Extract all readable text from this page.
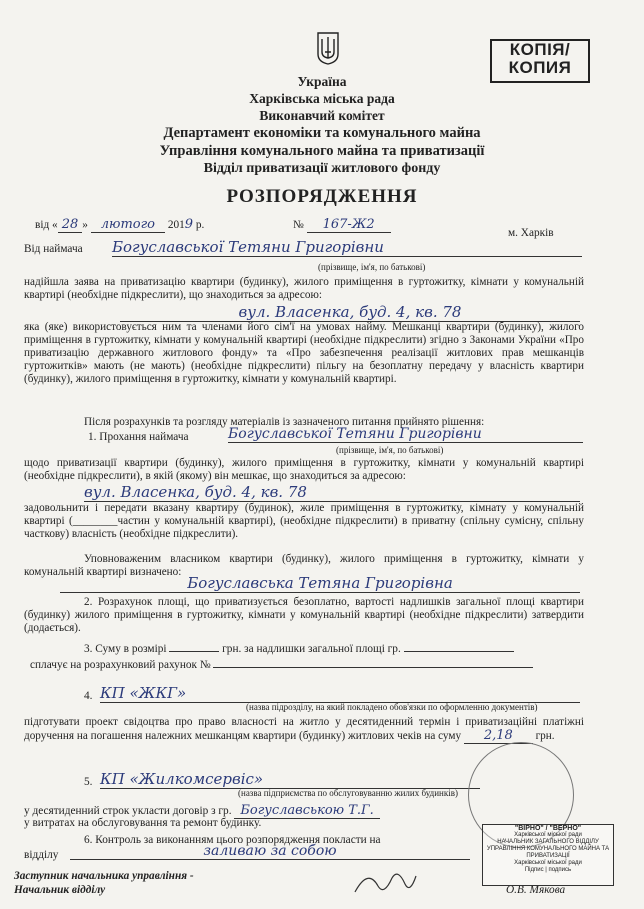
КОПІЯ/
КОПИЯ
Україна
Харківська міська рада
Виконавчий комітет
Департамент економіки та комунального майна
Управління комунального майна та приватизації
Відділ приватизації житлового фонду
РОЗПОРЯДЖЕННЯ
від « 28 » лютого 2019 р.	№ 167-Ж2
м. Харків
Від наймача Богуславської Тетяни Григорівни
(прізвище, ім'я, по батькові)
надійшла заява на приватизацію квартири (будинку), жилого приміщення в гуртожитку, кімнати у комунальній квартирі (необхідне підкреслити), що знаходиться за адресою:
вул. Власенка, буд. 4, кв. 78
яка (яке) використовується ним та членами його сім'ї на умовах найму. Мешканці квартири (будинку), жилого приміщення в гуртожитку, кімнати у комунальній квартирі (необхідне підкреслити) згідно з Законами України «Про приватизацію державного житлового фонду» та «Про забезпечення реалізації житлових прав мешканців гуртожитків» мають (не мають) (необхідне підкреслити) пільгу на безоплатну передачу у власність квартири (будинку), жилого приміщення в гуртожитку, кімнати у комунальній квартирі.
Після розрахунків та розгляду матеріалів із зазначеного питання прийнято рішення:
1. Прохання наймача	Богуславської Тетяни Григорівни
(прізвище, ім'я, по батькові)
щодо приватизації квартири (будинку), жилого приміщення в гуртожитку, кімнати у комунальній квартирі (необхідне підкреслити), в якій (якому) він мешкає, що знаходиться за адресою:
вул. Власенка, буд. 4, кв. 78
задовольнити і передати вказану квартиру (будинок), жиле приміщення в гуртожитку, кімнату у комунальній квартирі (________частин у комунальній квартирі), (необхідне підкреслити) в приватну (спільну сумісну, спільну часткову) власність (необхідне підкреслити).
Уповноваженим власником квартири (будинку), жилого приміщення в гуртожитку, кімнати у комунальній квартирі визначено:
Богуславська Тетяна Григорівна
2. Розрахунок площі, що приватизується безоплатно, вартості надлишків загальної площі квартири (будинку) жилого приміщення в гуртожитку, кімнати у комунальній квартирі (необхідне підкреслити) затвердити (додається).
3. Суму в розмірі	грн. за надлишки загальної площі гр.
сплачує на розрахунковий рахунок №
4. КП «ЖКГ»
(назва підрозділу, на який покладено обов'язки по оформленню документів)
підготувати проект свідоцтва про право власності на житло у десятиденний термін і приватизаційні платіжні доручення на погашення належних мешканцям квартири (будинку) житлових чеків на суму 2,18 грн.
5. КП «Жилкомсервіс»
(назва підприємства по обслуговуванню жилих будинків)
у десятиденний строк укласти договір з гр. Богуславською Т.Г.
у витратах на обслуговування та ремонт будинку.
6. Контроль за виконанням цього розпорядження покласти на
відділу	заливаю за собою
Заступник начальника управління -
Начальник відділу	О.В. Мякова
"ВІРНО" / "ВЕРНО"
Харківської міської ради
НАЧАЛЬНИК ЗАГАЛЬНОГО ВІДДІЛУ
УПРАВЛІННЯ КОМУНАЛЬНОГО МАЙНА ТА ПРИВАТИЗАЦІЇ
Харківської міської ради
Підпис | подпись
